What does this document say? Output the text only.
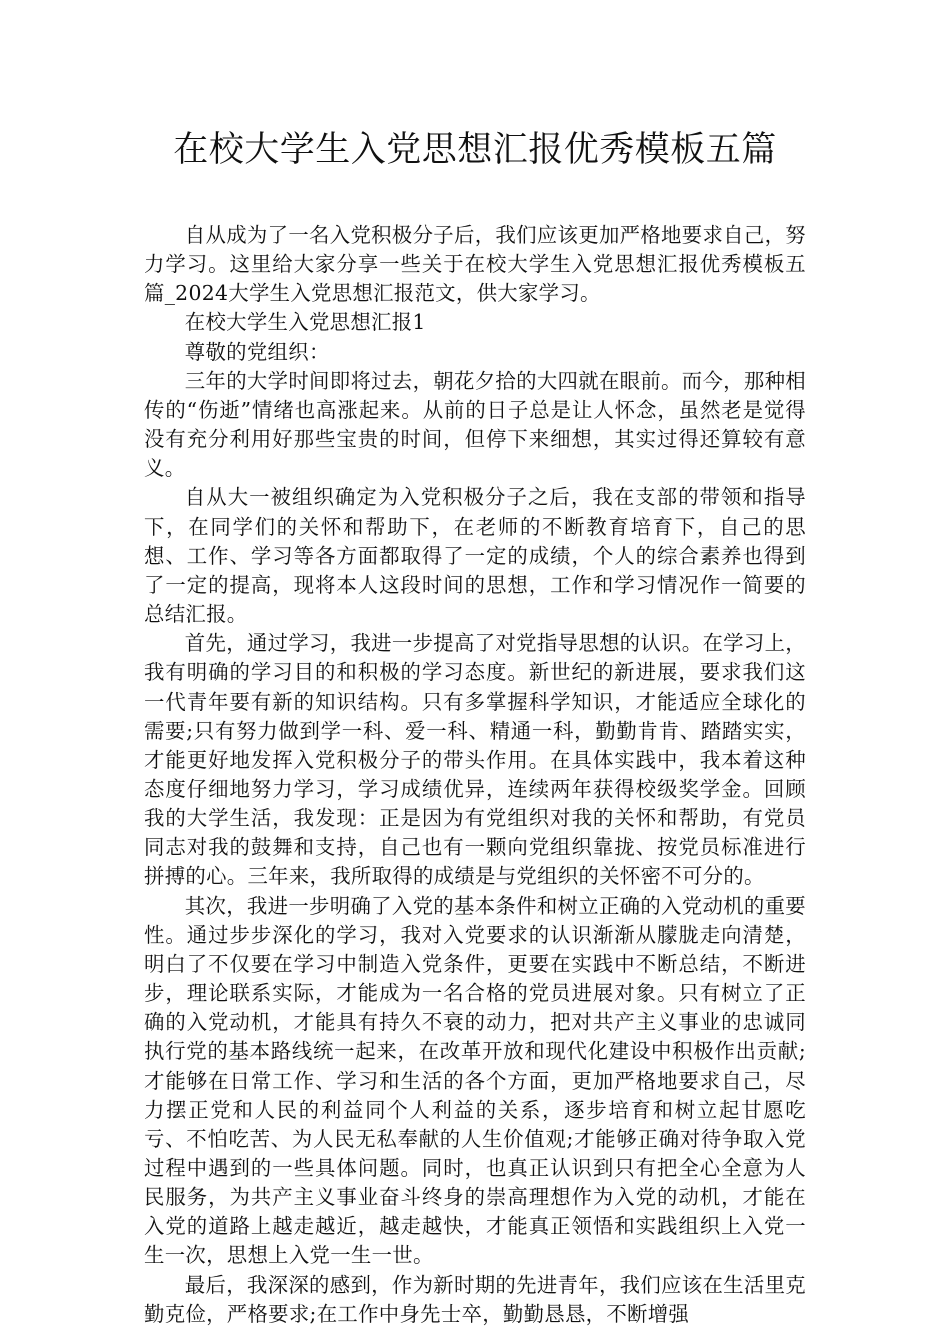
在校大学生入党思想汇报优秀模板五篇

自从成为了一名入党积极分子后，我们应该更加严格地要求自己，努力学习。这里给大家分享一些关于在校大学生入党思想汇报优秀模板五篇_2024大学生入党思想汇报范文，供大家学习。

在校大学生入党思想汇报1

尊敬的党组织：

三年的大学时间即将过去，朝花夕拾的大四就在眼前。而今，那种相传的“伤逝”情绪也高涨起来。从前的日子总是让人怀念，虽然老是觉得没有充分利用好那些宝贵的时间，但停下来细想，其实过得还算较有意义。

自从大一被组织确定为入党积极分子之后，我在支部的带领和指导下，在同学们的关怀和帮助下，在老师的不断教育培育下，自己的思想、工作、学习等各方面都取得了一定的成绩，个人的综合素养也得到了一定的提高，现将本人这段时间的思想，工作和学习情况作一简要的总结汇报。

首先，通过学习，我进一步提高了对党指导思想的认识。在学习上，我有明确的学习目的和积极的学习态度。新世纪的新进展，要求我们这一代青年要有新的知识结构。只有多掌握科学知识，才能适应全球化的需要;只有努力做到学一科、爱一科、精通一科，勤勤肯肯、踏踏实实，才能更好地发挥入党积极分子的带头作用。在具体实践中，我本着这种态度仔细地努力学习，学习成绩优异，连续两年获得校级奖学金。回顾我的大学生活，我发现：正是因为有党组织对我的关怀和帮助，有党员同志对我的鼓舞和支持，自己也有一颗向党组织靠拢、按党员标准进行拼搏的心。三年来，我所取得的成绩是与党组织的关怀密不可分的。

其次，我进一步明确了入党的基本条件和树立正确的入党动机的重要性。通过步步深化的学习，我对入党要求的认识渐渐从朦胧走向清楚，明白了不仅要在学习中制造入党条件，更要在实践中不断总结，不断进步，理论联系实际，才能成为一名合格的党员进展对象。只有树立了正确的入党动机，才能具有持久不衰的动力，把对共产主义事业的忠诚同执行党的基本路线统一起来，在改革开放和现代化建设中积极作出贡献;才能够在日常工作、学习和生活的各个方面，更加严格地要求自己，尽力摆正党和人民的利益同个人利益的关系，逐步培育和树立起甘愿吃亏、不怕吃苦、为人民无私奉献的人生价值观;才能够正确对待争取入党过程中遇到的一些具体问题。同时，也真正认识到只有把全心全意为人民服务，为共产主义事业奋斗终身的崇高理想作为入党的动机，才能在入党的道路上越走越近，越走越快，才能真正领悟和实践组织上入党一生一次，思想上入党一生一世。

最后，我深深的感到，作为新时期的先进青年，我们应该在生活里克勤克俭，严格要求;在工作中身先士卒，勤勤恳恳，不断增强
